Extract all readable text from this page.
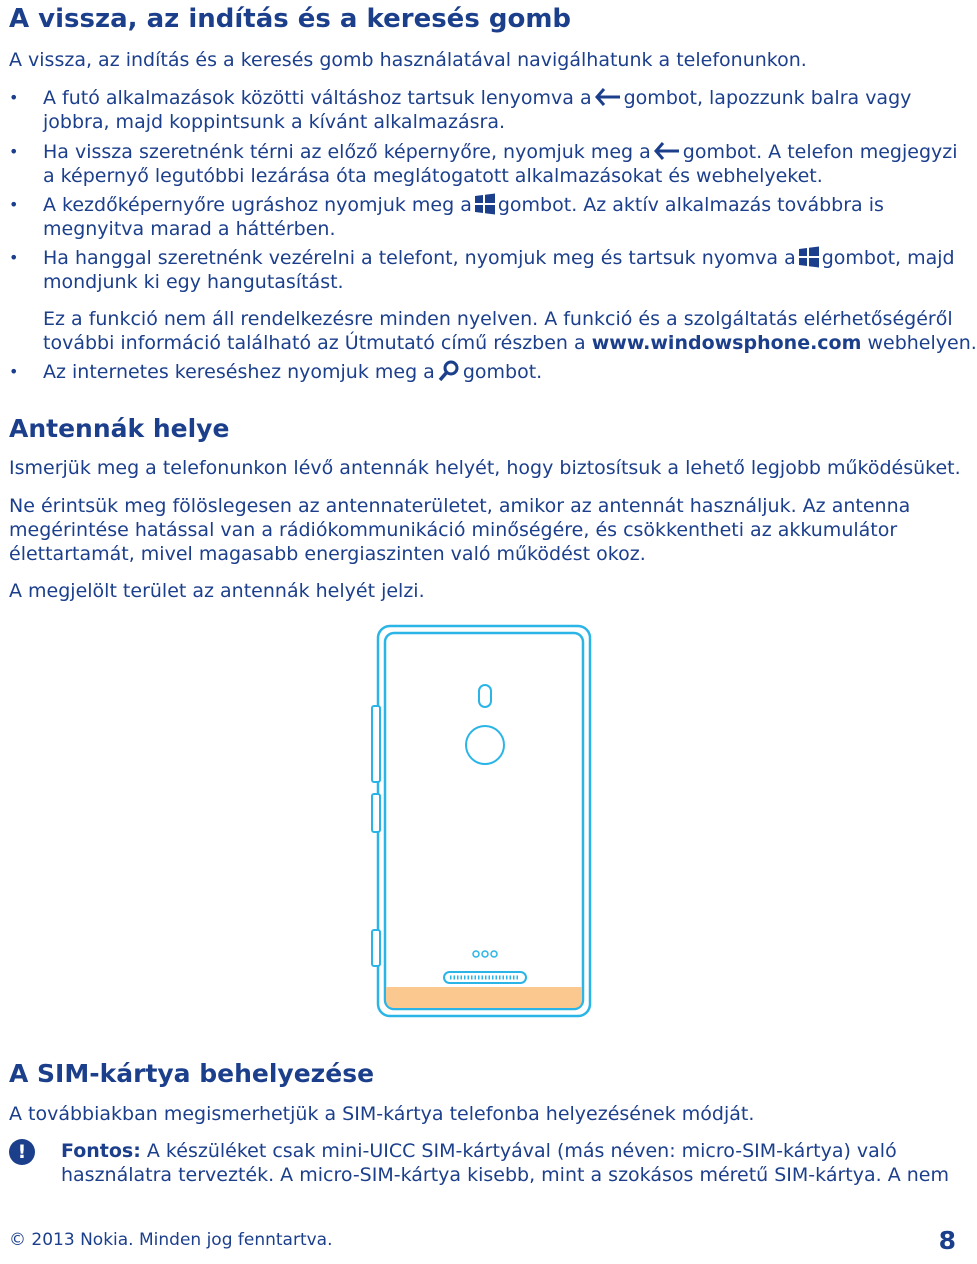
A vissza, az indítás és a keresés gomb
A vissza, az indítás és a keresés gomb használatával navigálhatunk a telefonunkon.
• A futó alkalmazások közötti váltáshoz tartsuk lenyomva a gombot, lapozzunk balra vagy
jobbra, majd koppintsunk a kívánt alkalmazásra.
• Ha vissza szeretnénk térni az előző képernyőre, nyomjuk meg a gombot. A telefon megjegyzi
a képernyő legutóbbi lezárása óta meglátogatott alkalmazásokat és webhelyeket.
• A kezdőképernyőre ugráshoz nyomjuk meg a gombot. Az aktív alkalmazás továbbra is
megnyitva marad a háttérben.
• Ha hanggal szeretnénk vezérelni a telefont, nyomjuk meg és tartsuk nyomva a gombot, majd
mondjunk ki egy hangutasítást.
Ez a funkció nem áll rendelkezésre minden nyelven. A funkció és a szolgáltatás elérhetőségéről
további információ található az Útmutató című részben a www.windowsphone.com webhelyen.
• Az internetes kereséshez nyomjuk meg a gombot.
Antennák helye
Ismerjük meg a telefonunkon lévő antennák helyét, hogy biztosítsuk a lehető legjobb működésüket.
Ne érintsük meg fölöslegesen az antennaterületet, amikor az antennát használjuk. Az antenna
megérintése hatással van a rádiókommunikáció minőségére, és csökkentheti az akkumulátor
élettartamát, mivel magasabb energiaszinten való működést okoz.
A megjelölt terület az antennák helyét jelzi.
A SIM-kártya behelyezése
A továbbiakban megismerhetjük a SIM-kártya telefonba helyezésének módját.
!	Fontos: A készüléket csak mini-UICC SIM-kártyával (más néven: micro-SIM-kártya) való
használatra tervezték. A micro-SIM-kártya kisebb, mint a szokásos méretű SIM-kártya. A nem
© 2013 Nokia. Minden jog fenntartva.	8
